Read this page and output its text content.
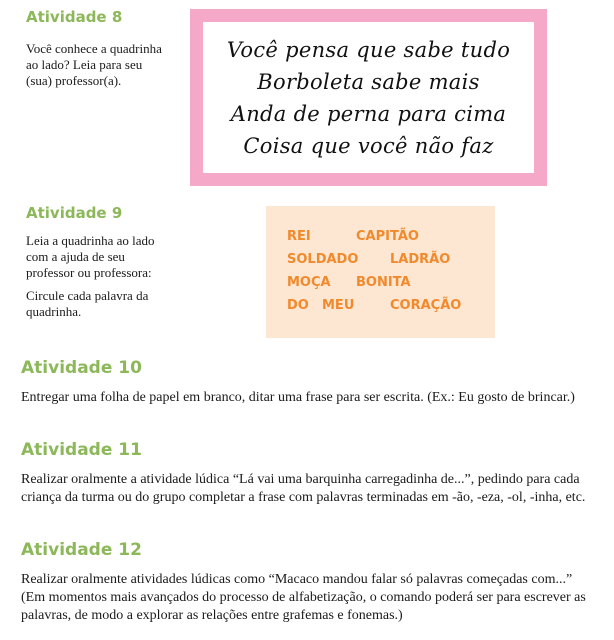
Atividade 8

Você conhece a quadrinha

ao lado? Leia para seu

(sua) professor(a).

Você pensa que sabe tudo
Borboleta sabe mais
Anda de perna para cima
Coisa que você não faz
Atividade 9

Leia a quadrinha ao lado

com a ajuda de seu

professor ou professora:

Circule cada palavra da

quadrinha.

REI	CAPITÃO
SOLDADO LADRÃO
MOÇA BONITA
DO MEU	CORAÇÃO
Atividade 10

Entregar uma folha de papel em branco, ditar uma frase para ser escrita. (Ex.: Eu gosto de brincar.)

Atividade 11

Realizar oralmente a atividade lúdica “Lá vai uma barquinha carregadinha de...”, pedindo para cada criança da turma ou do grupo completar a frase com palavras terminadas em -ão, -eza, -ol, -inha, etc.

Atividade 12

Realizar oralmente atividades lúdicas como “Macaco mandou falar só palavras começadas com...” (Em momentos mais avançados do processo de alfabetização, o comando poderá ser para escrever as palavras, de modo a explorar as relações entre grafemas e fonemas.)
